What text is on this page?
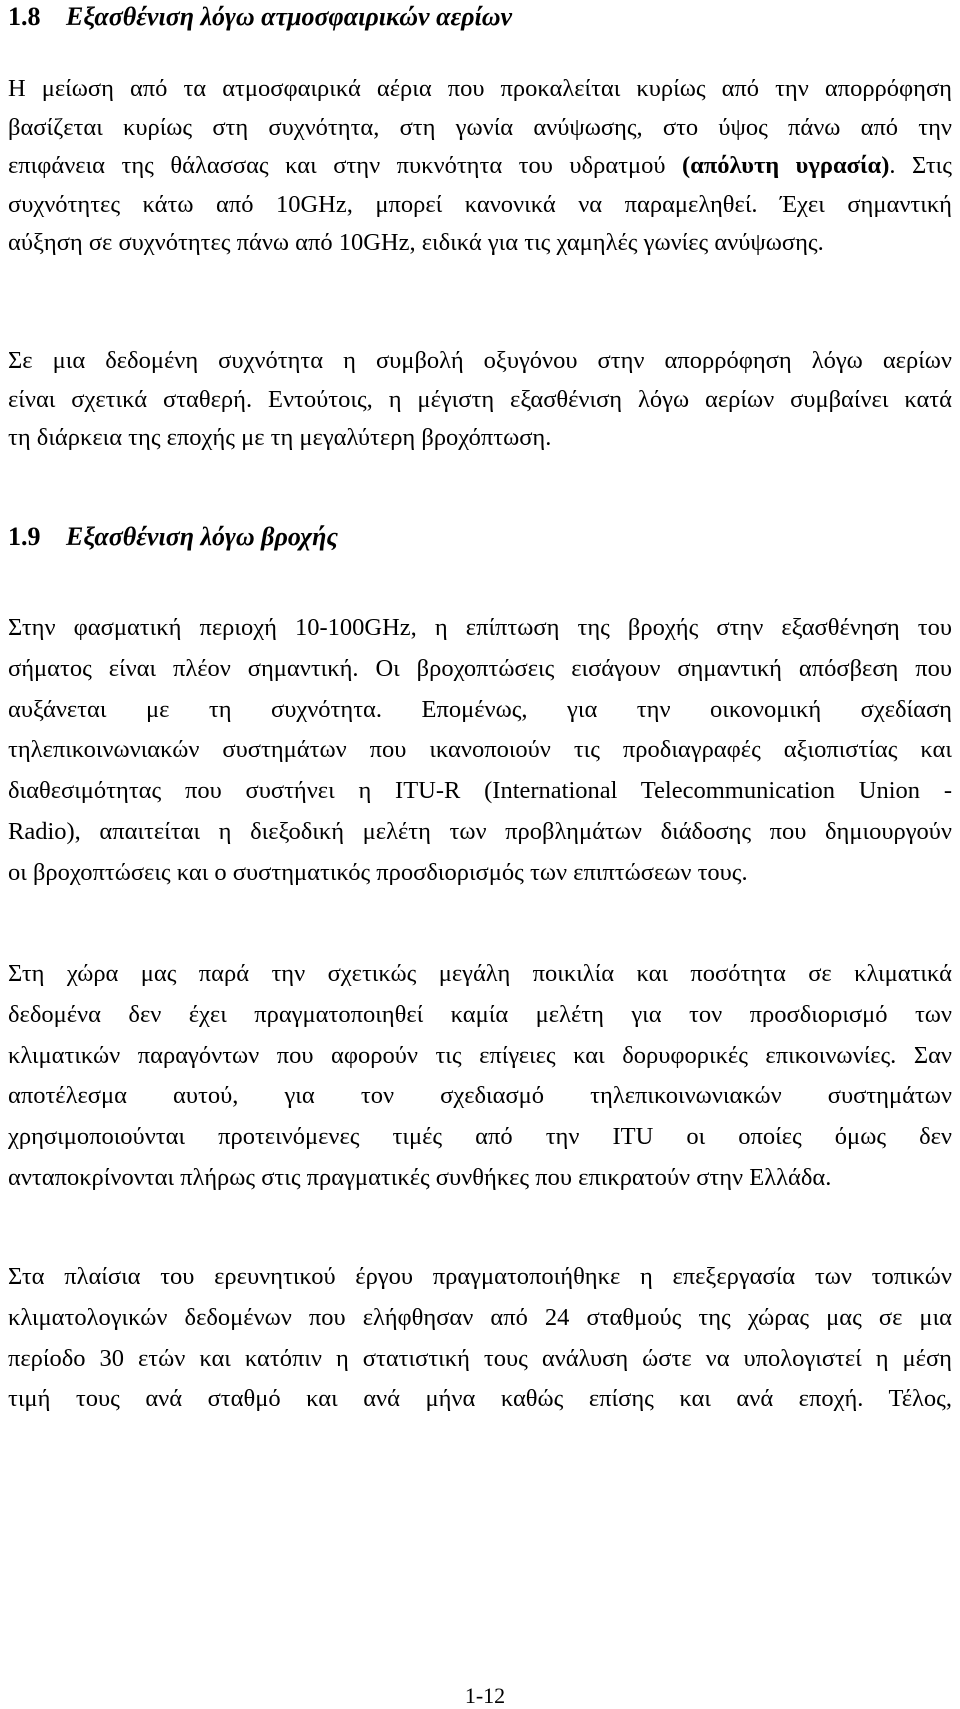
1.8 Εξασθένιση λόγω ατμοσφαιρικών αερίων

Η μείωση από τα ατμοσφαιρικά αέρια που προκαλείται κυρίως από την απορρόφηση
βασίζεται κυρίως στη συχνότητα, στη γωνία ανύψωσης, στο ύψος πάνω από την
επιφάνεια της θάλασσας και στην πυκνότητα του υδρατμού (απόλυτη υγρασία). Στις
συχνότητες κάτω από 10GHz, μπορεί κανονικά να παραμεληθεί. Έχει σημαντική
αύξηση σε συχνότητες πάνω από 10GHz, ειδικά για τις χαμηλές γωνίες ανύψωσης.

Σε μια δεδομένη συχνότητα η συμβολή οξυγόνου στην απορρόφηση λόγω αερίων
είναι σχετικά σταθερή. Εντούτοις, η μέγιστη εξασθένιση λόγω αερίων συμβαίνει κατά
τη διάρκεια της εποχής με τη μεγαλύτερη βροχόπτωση.

1.9 Εξασθένιση λόγω βροχής

Στην φασματική περιοχή 10-100GHz, η επίπτωση της βροχής στην εξασθένηση του
σήματος είναι πλέον σημαντική. Οι βροχοπτώσεις εισάγουν σημαντική απόσβεση που
αυξάνεται με τη συχνότητα. Επομένως, για την οικονομική σχεδίαση
τηλεπικοινωνιακών συστημάτων που ικανοποιούν τις προδιαγραφές αξιοπιστίας και
διαθεσιμότητας που συστήνει η ITU-R (International Telecommunication Union -
Radio), απαιτείται η διεξοδική μελέτη των προβλημάτων διάδοσης που δημιουργούν
οι βροχοπτώσεις και ο συστηματικός προσδιορισμός των επιπτώσεων τους.

Στη χώρα μας παρά την σχετικώς μεγάλη ποικιλία και ποσότητα σε κλιματικά
δεδομένα δεν έχει πραγματοποιηθεί καμία μελέτη για τον προσδιορισμό των
κλιματικών παραγόντων που αφορούν τις επίγειες και δορυφορικές επικοινωνίες. Σαν
αποτέλεσμα αυτού, για τον σχεδιασμό τηλεπικοινωνιακών συστημάτων
χρησιμοποιούνται προτεινόμενες τιμές από την ITU οι οποίες όμως δεν
ανταποκρίνονται πλήρως στις πραγματικές συνθήκες που επικρατούν στην Ελλάδα.

Στα πλαίσια του ερευνητικού έργου πραγματοποιήθηκε η επεξεργασία των τοπικών
κλιματολογικών δεδομένων που ελήφθησαν από 24 σταθμούς της χώρας μας σε μια
περίοδο 30 ετών και κατόπιν η στατιστική τους ανάλυση ώστε να υπολογιστεί η μέση
τιμή τους ανά σταθμό και ανά μήνα καθώς επίσης και ανά εποχή. Τέλος,

1-12
